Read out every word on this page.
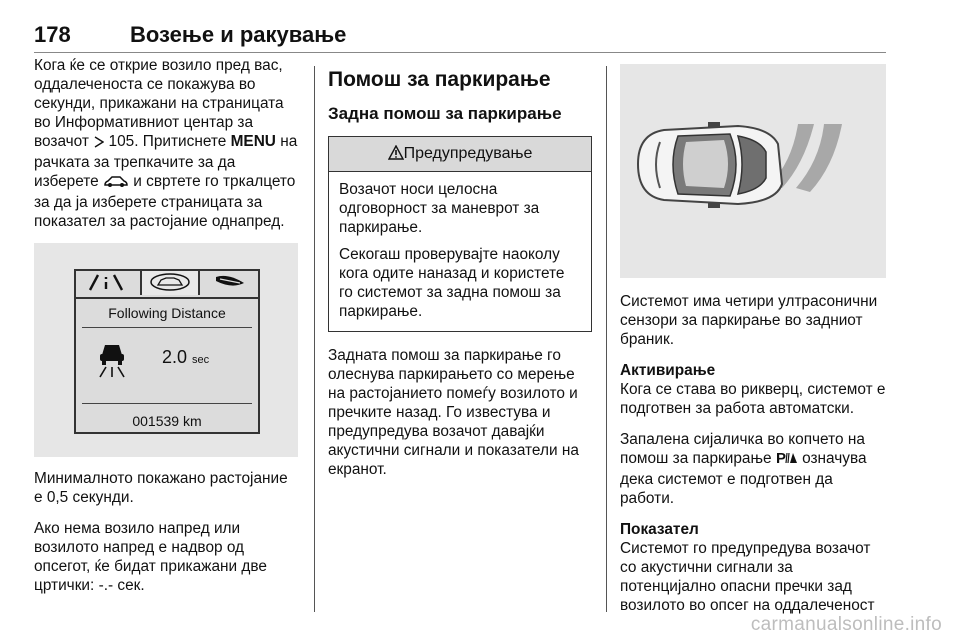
178	Возење и ракување

Кога ќе се открие возило пред вас, оддалеченоста се покажува во секунди, прикажани на страницата во Информативниот центар за возачот 105. Притиснете MENU на рачката за трепкачите за да изберете и свртете го тркалцето за да ја изберете страницата за показател за растојание однапред.

Following Distance
2.0 sec
001539 km

Минималното покажано растојание е 0,5 секунди.

Ако нема возило напред или возилото напред е надвор од опсегот, ќе бидат прикажани две цртички: -.- сек.

Помош за паркирање
Задна помош за паркирање
Предупредување

Возачот носи целосна одговорност за маневрот за паркирање.

Секогаш проверувајте наоколу кога одите наназад и користете го системот за задна помош за паркирање.

Задната помош за паркирање го олеснува паркирањето со мерење на растојанието помеѓу возилото и пречките назад. Го известува и предупредува возачот давајќи акустични сигнали и показатели на екранот.

Системот има четири ултрасонични сензори за паркирање во задниот браник.

Активирање
Кога се става во рикверц, системот е подготвен за работа автоматски.

Запалена сијаличка во копчето на помош за паркирање P означува дека системот е подготвен да работи.

Показател
Системот го предупредува возачот со акустични сигнали за потенцијално опасни пречки зад возилото во опсег на оддалеченост

carmanualsonline.info
